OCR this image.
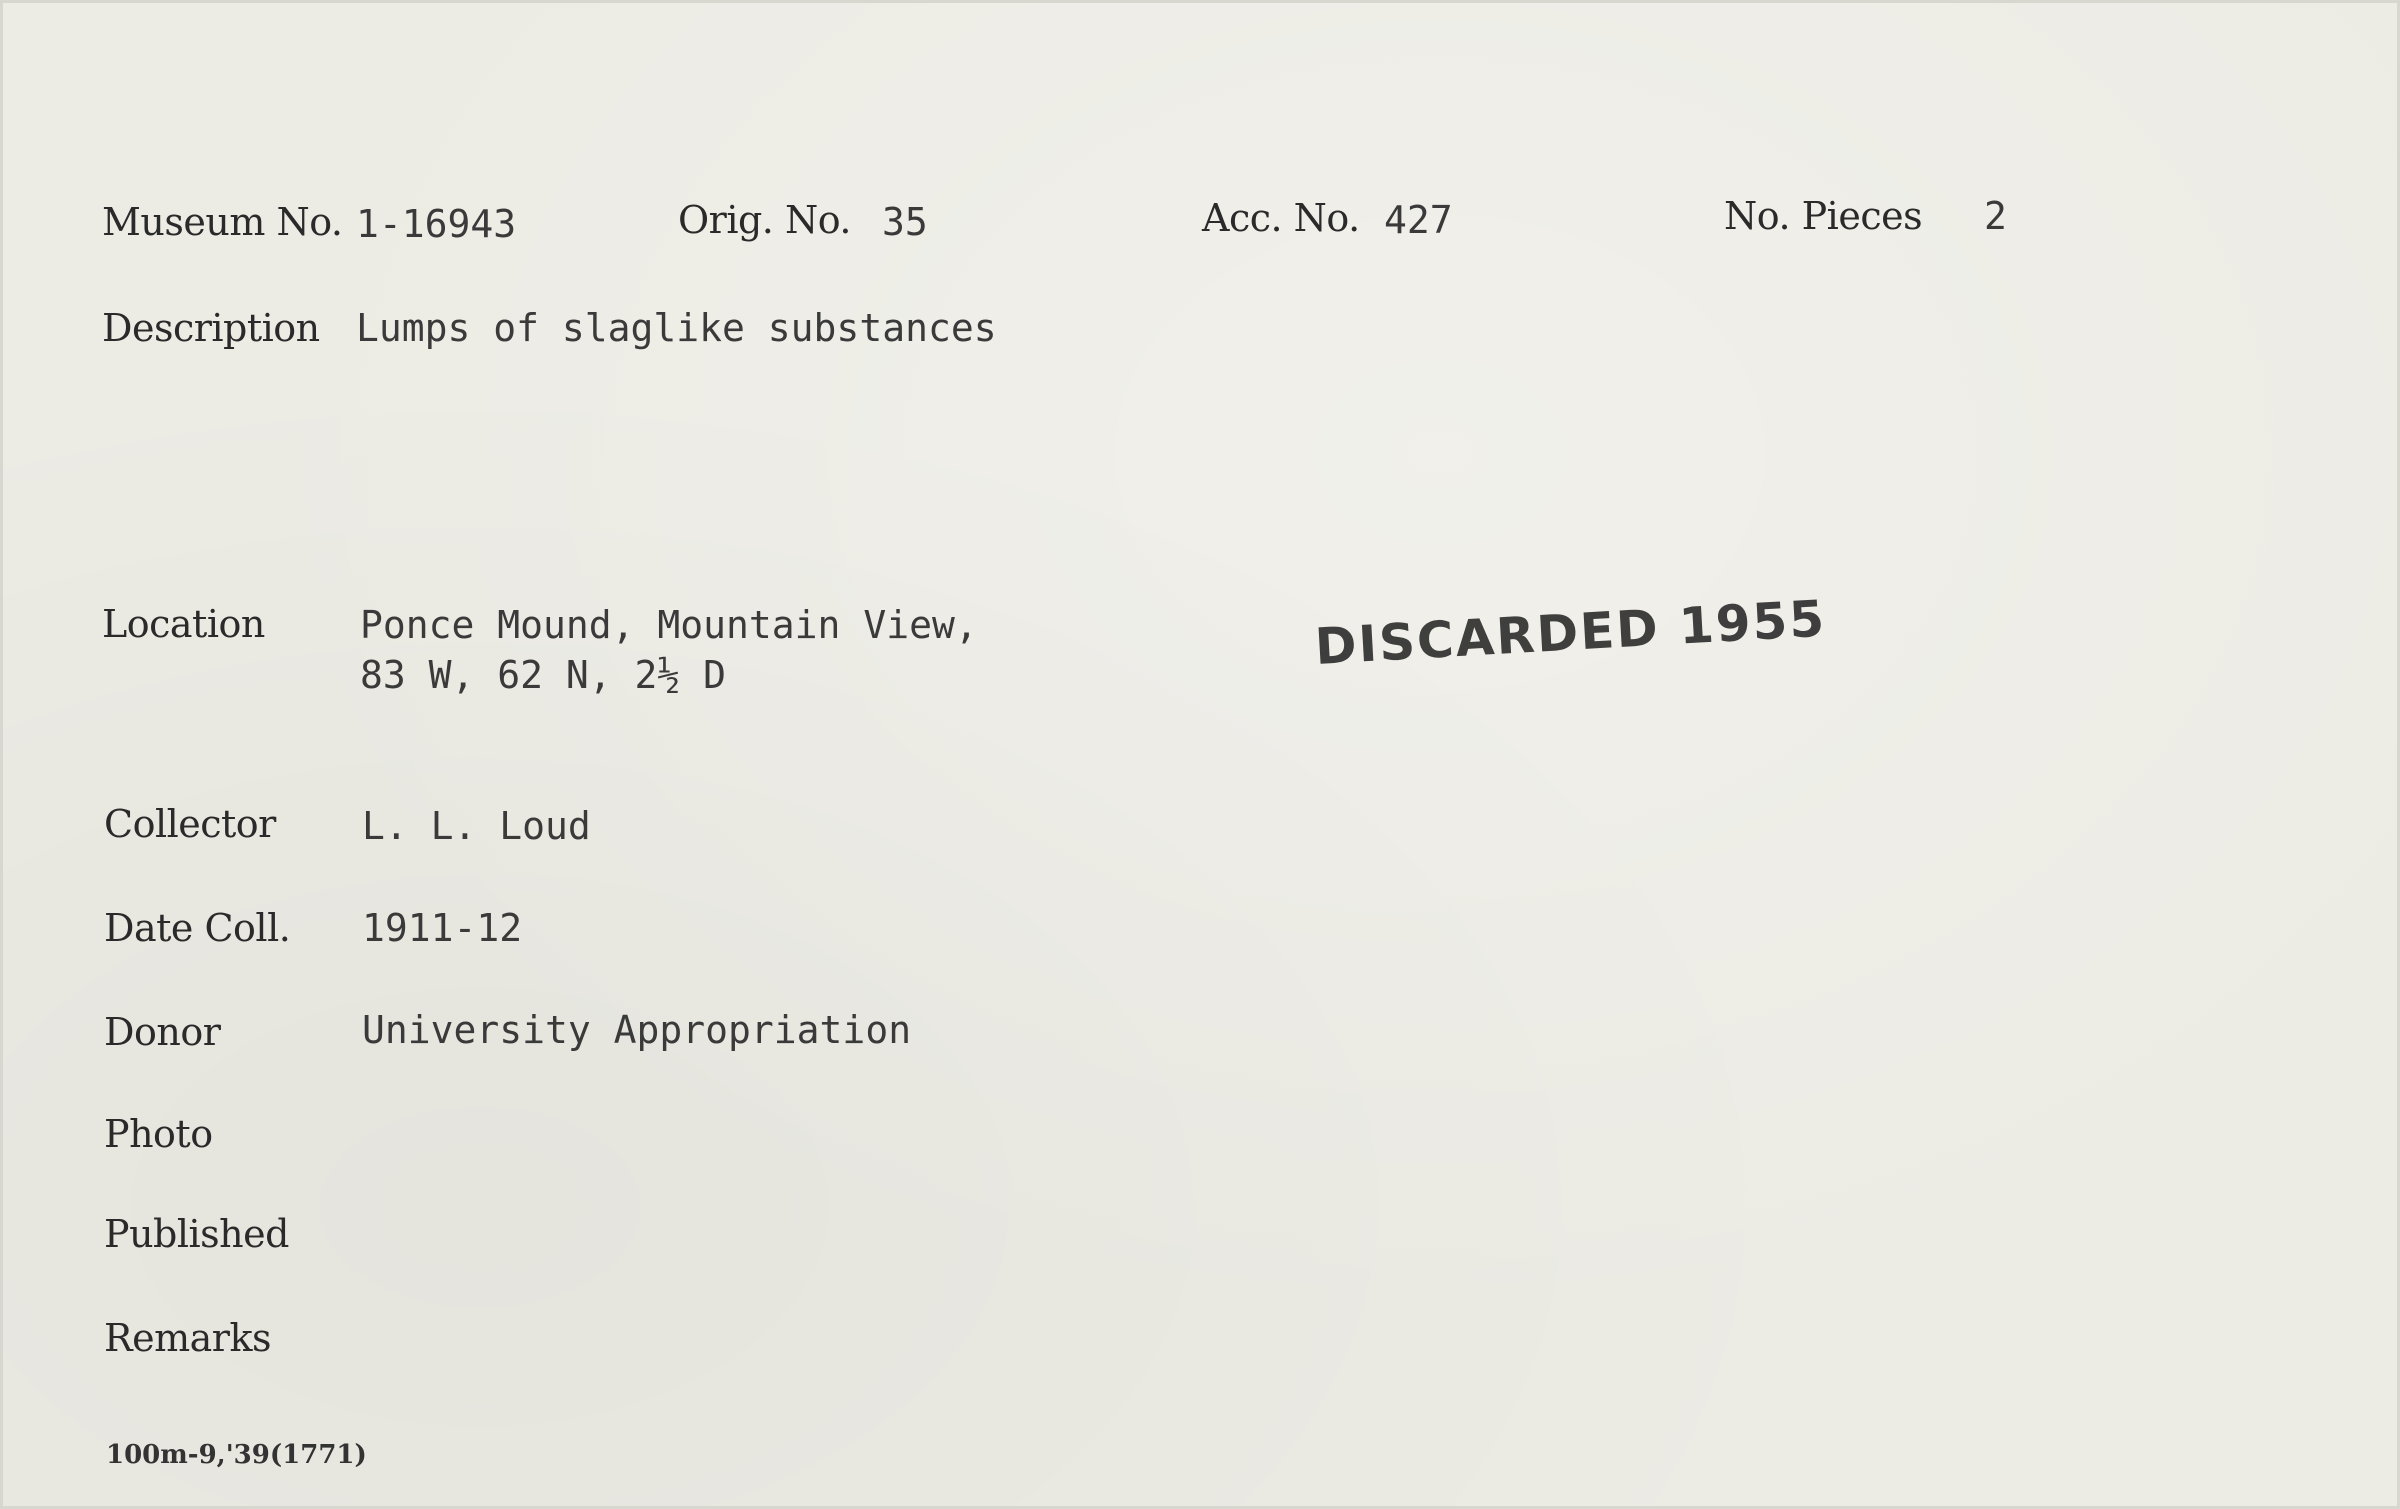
Museum No. 1-16943	Orig. No. 35	Acc. No. 427	No. Pieces 2
Description Lumps of slaglike substances
Location	Ponce Mound, Mountain View,
83 W, 62 N, 2½ D	DISCARDED 1955
Collector L. L. Loud
Date Coll. 1911-12
Donor	University Appropriation
Photo
Published
Remarks
100m-9,'39(1771)
